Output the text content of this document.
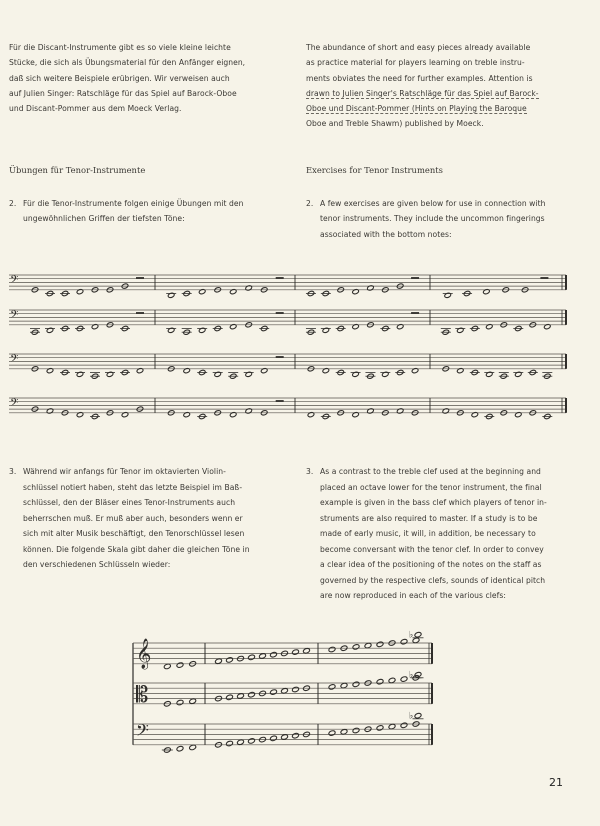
Für die Discant-Instrumente gibt es so viele kleine leichte
Stücke, die sich als Übungsmaterial für den Anfänger eignen,
daß sich weitere Beispiele erübrigen. Wir verweisen auch
auf Julien Singer: Ratschläge für das Spiel auf Barock-Oboe
und Discant-Pommer aus dem Moeck Verlag.

The abundance of short and easy pieces already available
as practice material for players learning on treble instru-
ments obviates the need for further examples. Attention is
drawn to Julien Singer's Ratschläge für das Spiel auf Barock-
Oboe und Discant-Pommer (Hints on Playing the Baroque
Oboe and Treble Shawm) published by Moeck.

Übungen für Tenor-Instrumente	Exercises for Tenor Instruments

2. Für die Tenor-Instrumente folgen einige Übungen mit den
ungewöhnlichen Griffen der tiefsten Töne:

2. A few exercises are given below for use in connection with
tenor instruments. They include the uncommon fingerings
associated with the bottom notes:

3. Während wir anfangs für Tenor im oktavierten Violin-
schlüssel notiert haben, steht das letzte Beispiel im Baß-
schlüssel, den der Bläser eines Tenor-Instruments auch
beherrschen muß. Er muß aber auch, besonders wenn er
sich mit alter Musik beschäftigt, den Tenorschlüssel lesen
können. Die folgende Skala gibt daher die gleichen Töne in
den verschiedenen Schlüsseln wieder:

3. As a contrast to the treble clef used at the beginning and
placed an octave lower for the tenor instrument, the final
example is given in the bass clef which players of tenor in-
struments are also required to master. If a study is to be
made of early music, it will, in addition, be necessary to
become conversant with the tenor clef. In order to convey
a clear idea of the positioning of the notes on the staff as
governed by the respective clefs, sounds of identical pitch
are now reproduced in each of the various clefs:

𝄢
𝄢
𝄢
𝄢
𝄞
♭
𝄡
♭
𝄢
♭
21
